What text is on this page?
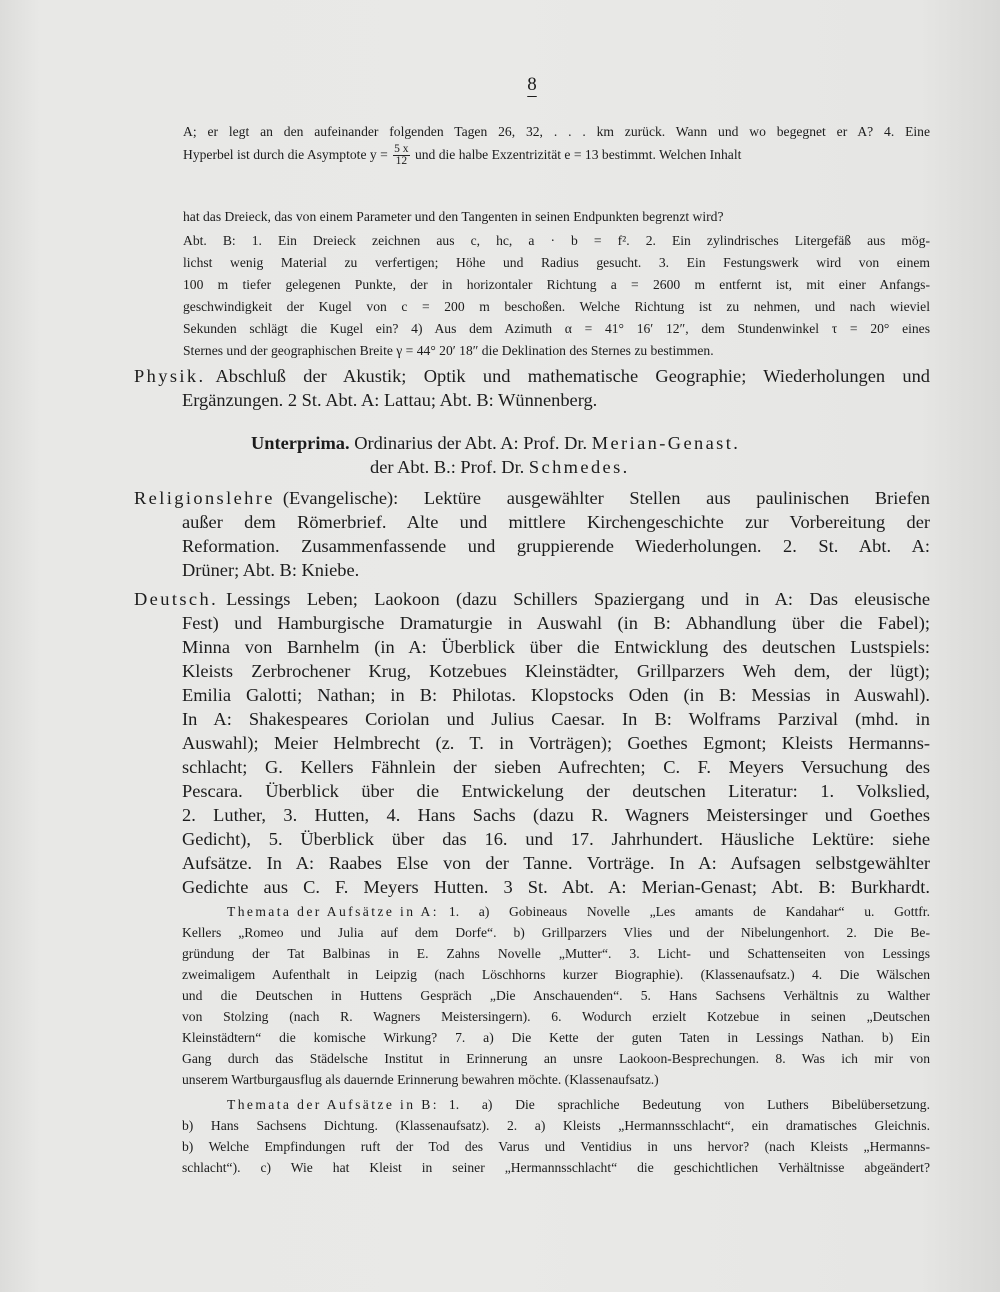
8
A; er legt an den aufeinander folgenden Tagen 26, 32, . . . km zurück. Wann und wo begegnet er A? 4. Eine
Hyperbel ist durch die Asymptote $y = \frac{5 x}{12}$ und die halbe Exzentrizität e = 13 bestimmt. Welchen Inhalt
hat das Dreieck, das von einem Parameter und den Tangenten in seinen Endpunkten begrenzt wird?
Abt. B: 1. Ein Dreieck zeichnen aus c, hc, a · b = f². 2. Ein zylindrisches Litergefäß aus mög-
lichst wenig Material zu verfertigen; Höhe und Radius gesucht. 3. Ein Festungswerk wird von einem
100 m tiefer gelegenen Punkte, der in horizontaler Richtung a = 2600 m entfernt ist, mit einer Anfangs-
geschwindigkeit der Kugel von c = 200 m beschoßen. Welche Richtung ist zu nehmen, und nach wieviel
Sekunden schlägt die Kugel ein? 4) Aus dem Azimuth α = 41° 16′ 12″, dem Stundenwinkel τ = 20° eines
Sternes und der geographischen Breite γ = 44° 20′ 18″ die Deklination des Sternes zu bestimmen.
Physik. Abschluß der Akustik; Optik und mathematische Geographie; Wiederholungen und
Ergänzungen. 2 St. Abt. A: Lattau; Abt. B: Wünnenberg.
Unterprima. Ordinarius der Abt. A: Prof. Dr. Merian-Genast.
der Abt. B.: Prof. Dr. Schmedes.
Religionslehre (Evangelische): Lektüre ausgewählter Stellen aus paulinischen Briefen
außer dem Römerbrief. Alte und mittlere Kirchengeschichte zur Vorbereitung der
Reformation. Zusammenfassende und gruppierende Wiederholungen. 2. St. Abt. A:
Drüner; Abt. B: Kniebe.
Deutsch. Lessings Leben; Laokoon (dazu Schillers Spaziergang und in A: Das eleusische
Fest) und Hamburgische Dramaturgie in Auswahl (in B: Abhandlung über die Fabel);
Minna von Barnhelm (in A: Überblick über die Entwicklung des deutschen Lustspiels:
Kleists Zerbrochener Krug, Kotzebues Kleinstädter, Grillparzers Weh dem, der lügt);
Emilia Galotti; Nathan; in B: Philotas. Klopstocks Oden (in B: Messias in Auswahl).
In A: Shakespeares Coriolan und Julius Caesar. In B: Wolframs Parzival (mhd. in
Auswahl); Meier Helmbrecht (z. T. in Vorträgen); Goethes Egmont; Kleists Hermanns-
schlacht; G. Kellers Fähnlein der sieben Aufrechten; C. F. Meyers Versuchung des
Pescara. Überblick über die Entwickelung der deutschen Literatur: 1. Volkslied,
2. Luther, 3. Hutten, 4. Hans Sachs (dazu R. Wagners Meistersinger und Goethes
Gedicht), 5. Überblick über das 16. und 17. Jahrhundert. Häusliche Lektüre: siehe
Aufsätze. In A: Raabes Else von der Tanne. Vorträge. In A: Aufsagen selbstgewählter
Gedichte aus C. F. Meyers Hutten. 3 St. Abt. A: Merian-Genast; Abt. B: Burkhardt.
Themata der Aufsätze in A: 1. a) Gobineaus Novelle „Les amants de Kandahar“ u. Gottfr.
Kellers „Romeo und Julia auf dem Dorfe“. b) Grillparzers Vlies und der Nibelungenhort. 2. Die Be-
gründung der Tat Balbinas in E. Zahns Novelle „Mutter“. 3. Licht- und Schattenseiten von Lessings
zweimaligem Aufenthalt in Leipzig (nach Löschhorns kurzer Biographie). (Klassenaufsatz.) 4. Die Wälschen
und die Deutschen in Huttens Gespräch „Die Anschauenden“. 5. Hans Sachsens Verhältnis zu Walther
von Stolzing (nach R. Wagners Meistersingern). 6. Wodurch erzielt Kotzebue in seinen „Deutschen
Kleinstädtern“ die komische Wirkung? 7. a) Die Kette der guten Taten in Lessings Nathan. b) Ein
Gang durch das Städelsche Institut in Erinnerung an unsre Laokoon-Besprechungen. 8. Was ich mir von
unserem Wartburgausflug als dauernde Erinnerung bewahren möchte. (Klassenaufsatz.)
Themata der Aufsätze in B: 1. a) Die sprachliche Bedeutung von Luthers Bibelübersetzung.
b) Hans Sachsens Dichtung. (Klassenaufsatz). 2. a) Kleists „Hermannsschlacht“, ein dramatisches Gleichnis.
b) Welche Empfindungen ruft der Tod des Varus und Ventidius in uns hervor? (nach Kleists „Hermanns-
schlacht“). c) Wie hat Kleist in seiner „Hermannsschlacht“ die geschichtlichen Verhältnisse abgeändert?
